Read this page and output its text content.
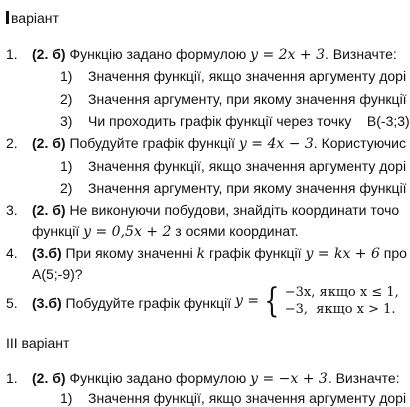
варіант
1. (2. б) Функцію задано формулою y = 2x + 3. Визначте:
1) Значення функції, якщо значення аргументу дорі
2) Значення аргументу, при якому значення функції
3) Чи проходить графік функції через точку    B(-3;3)
2. (2. б) Побудуйте графік функції y = 4x − 3. Користуючис
1) Значення функції, якщо значення аргументу дорі
2) Значення аргументу, при якому значення функції
3. (2. б) Не виконуючи побудови, знайдіть координати точо
функції y = 0,5x + 2 з осями координат.
4. (3.б) При якому значенні k графік функції y = kx + 6 про
A(5;-9)?
5. (3.б) Побудуйте графік функції y = { −3x, якщо x ≤ 1,
−3,  якщо x > 1.
III варіант
1. (2. б) Функцію задано формулою y = −x + 3. Визначте:
1) Значення функції, якщо значення аргументу дорі
